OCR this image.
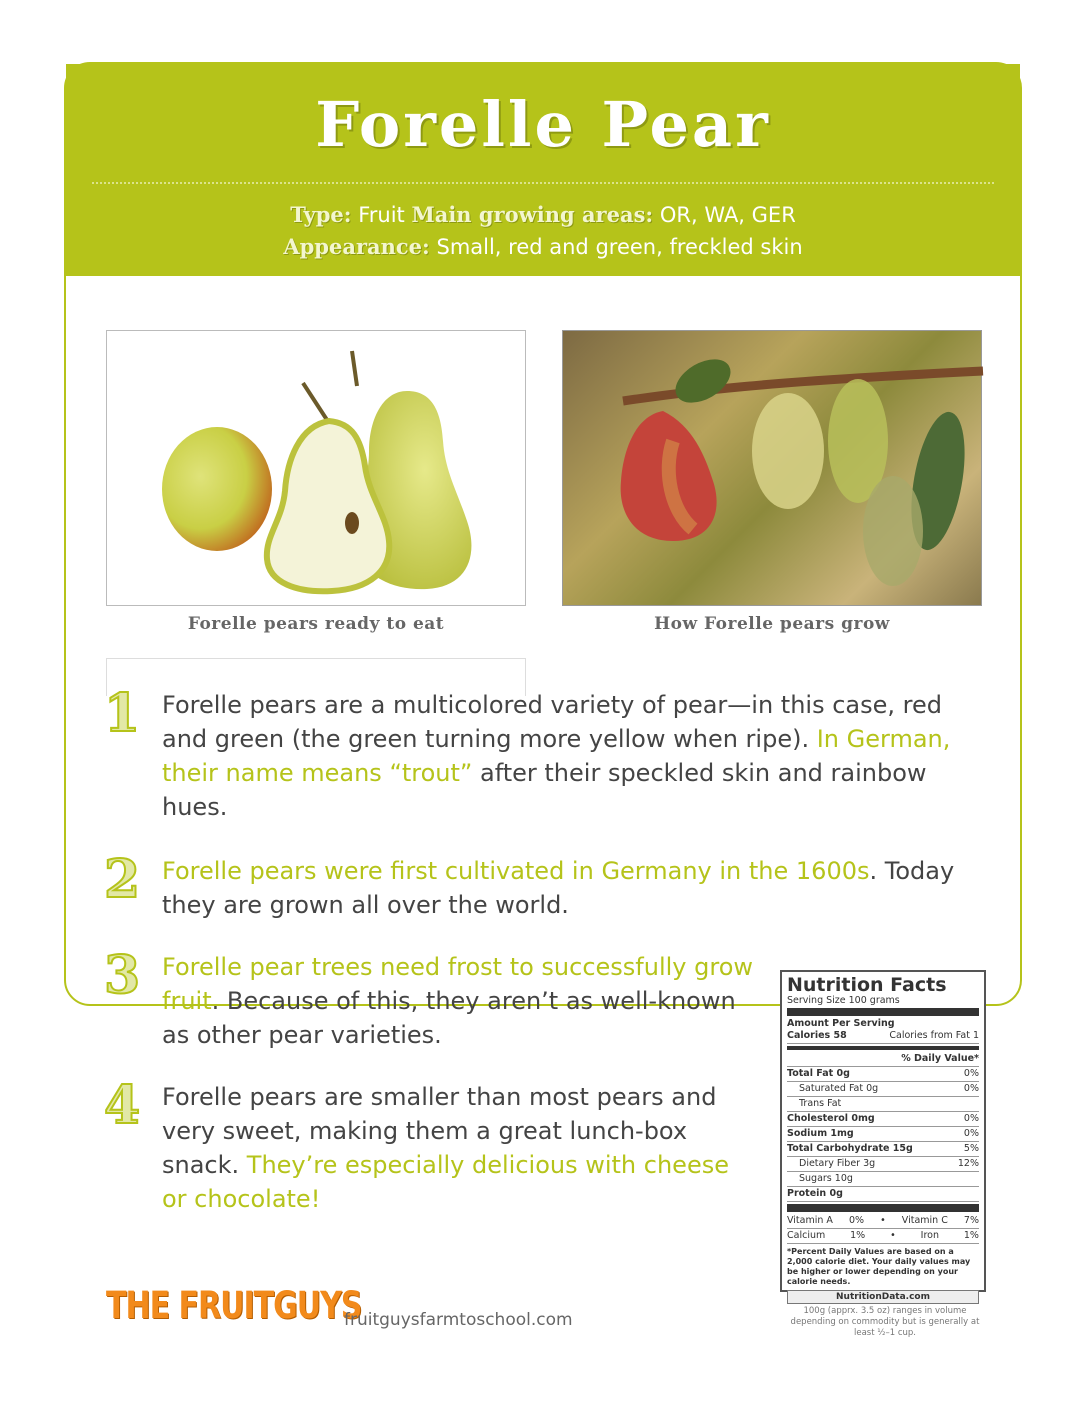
Forelle Pear
Type: Fruit Main growing areas: OR, WA, GER
Appearance: Small, red and green, freckled skin
Forelle pears ready to eat	How Forelle pears grow
1 Forelle pears are a multicolored variety of pear—in this case, red and green (the green turning more yellow when ripe). In German, their name means “trout” after their speckled skin and rainbow hues.
2 Forelle pears were first cultivated in Germany in the 1600s. Today they are grown all over the world.
3 Forelle pear trees need frost to successfully grow fruit. Because of this, they aren’t as well-known as other pear varieties.
4 Forelle pears are smaller than most pears and very sweet, making them a great lunch-box snack. They’re especially delicious with cheese or chocolate!
Nutrition Facts
Serving Size 100 grams
Amount Per Serving
Calories 58	Calories from Fat 1
% Daily Value*
Total Fat 0g	0%
Saturated Fat 0g	0%
Trans Fat
Cholesterol 0mg	0%
Sodium 1mg	0%
Total Carbohydrate 15g	5%
Dietary Fiber 3g	12%
Sugars 10g
Protein 0g
Vitamin A 0% • Vitamin C 7%
Calcium	1%	•	Iron	1%
*Percent Daily Values are based on a 2,000 calorie diet. Your daily values may be higher or lower depending on your calorie needs.
NutritionData.com
100g (apprx. 3.5 oz) ranges in volume depending on commodity but is generally at least ½–1 cup.
THE FRUITGUYS
fruitguysfarmtoschool.com
